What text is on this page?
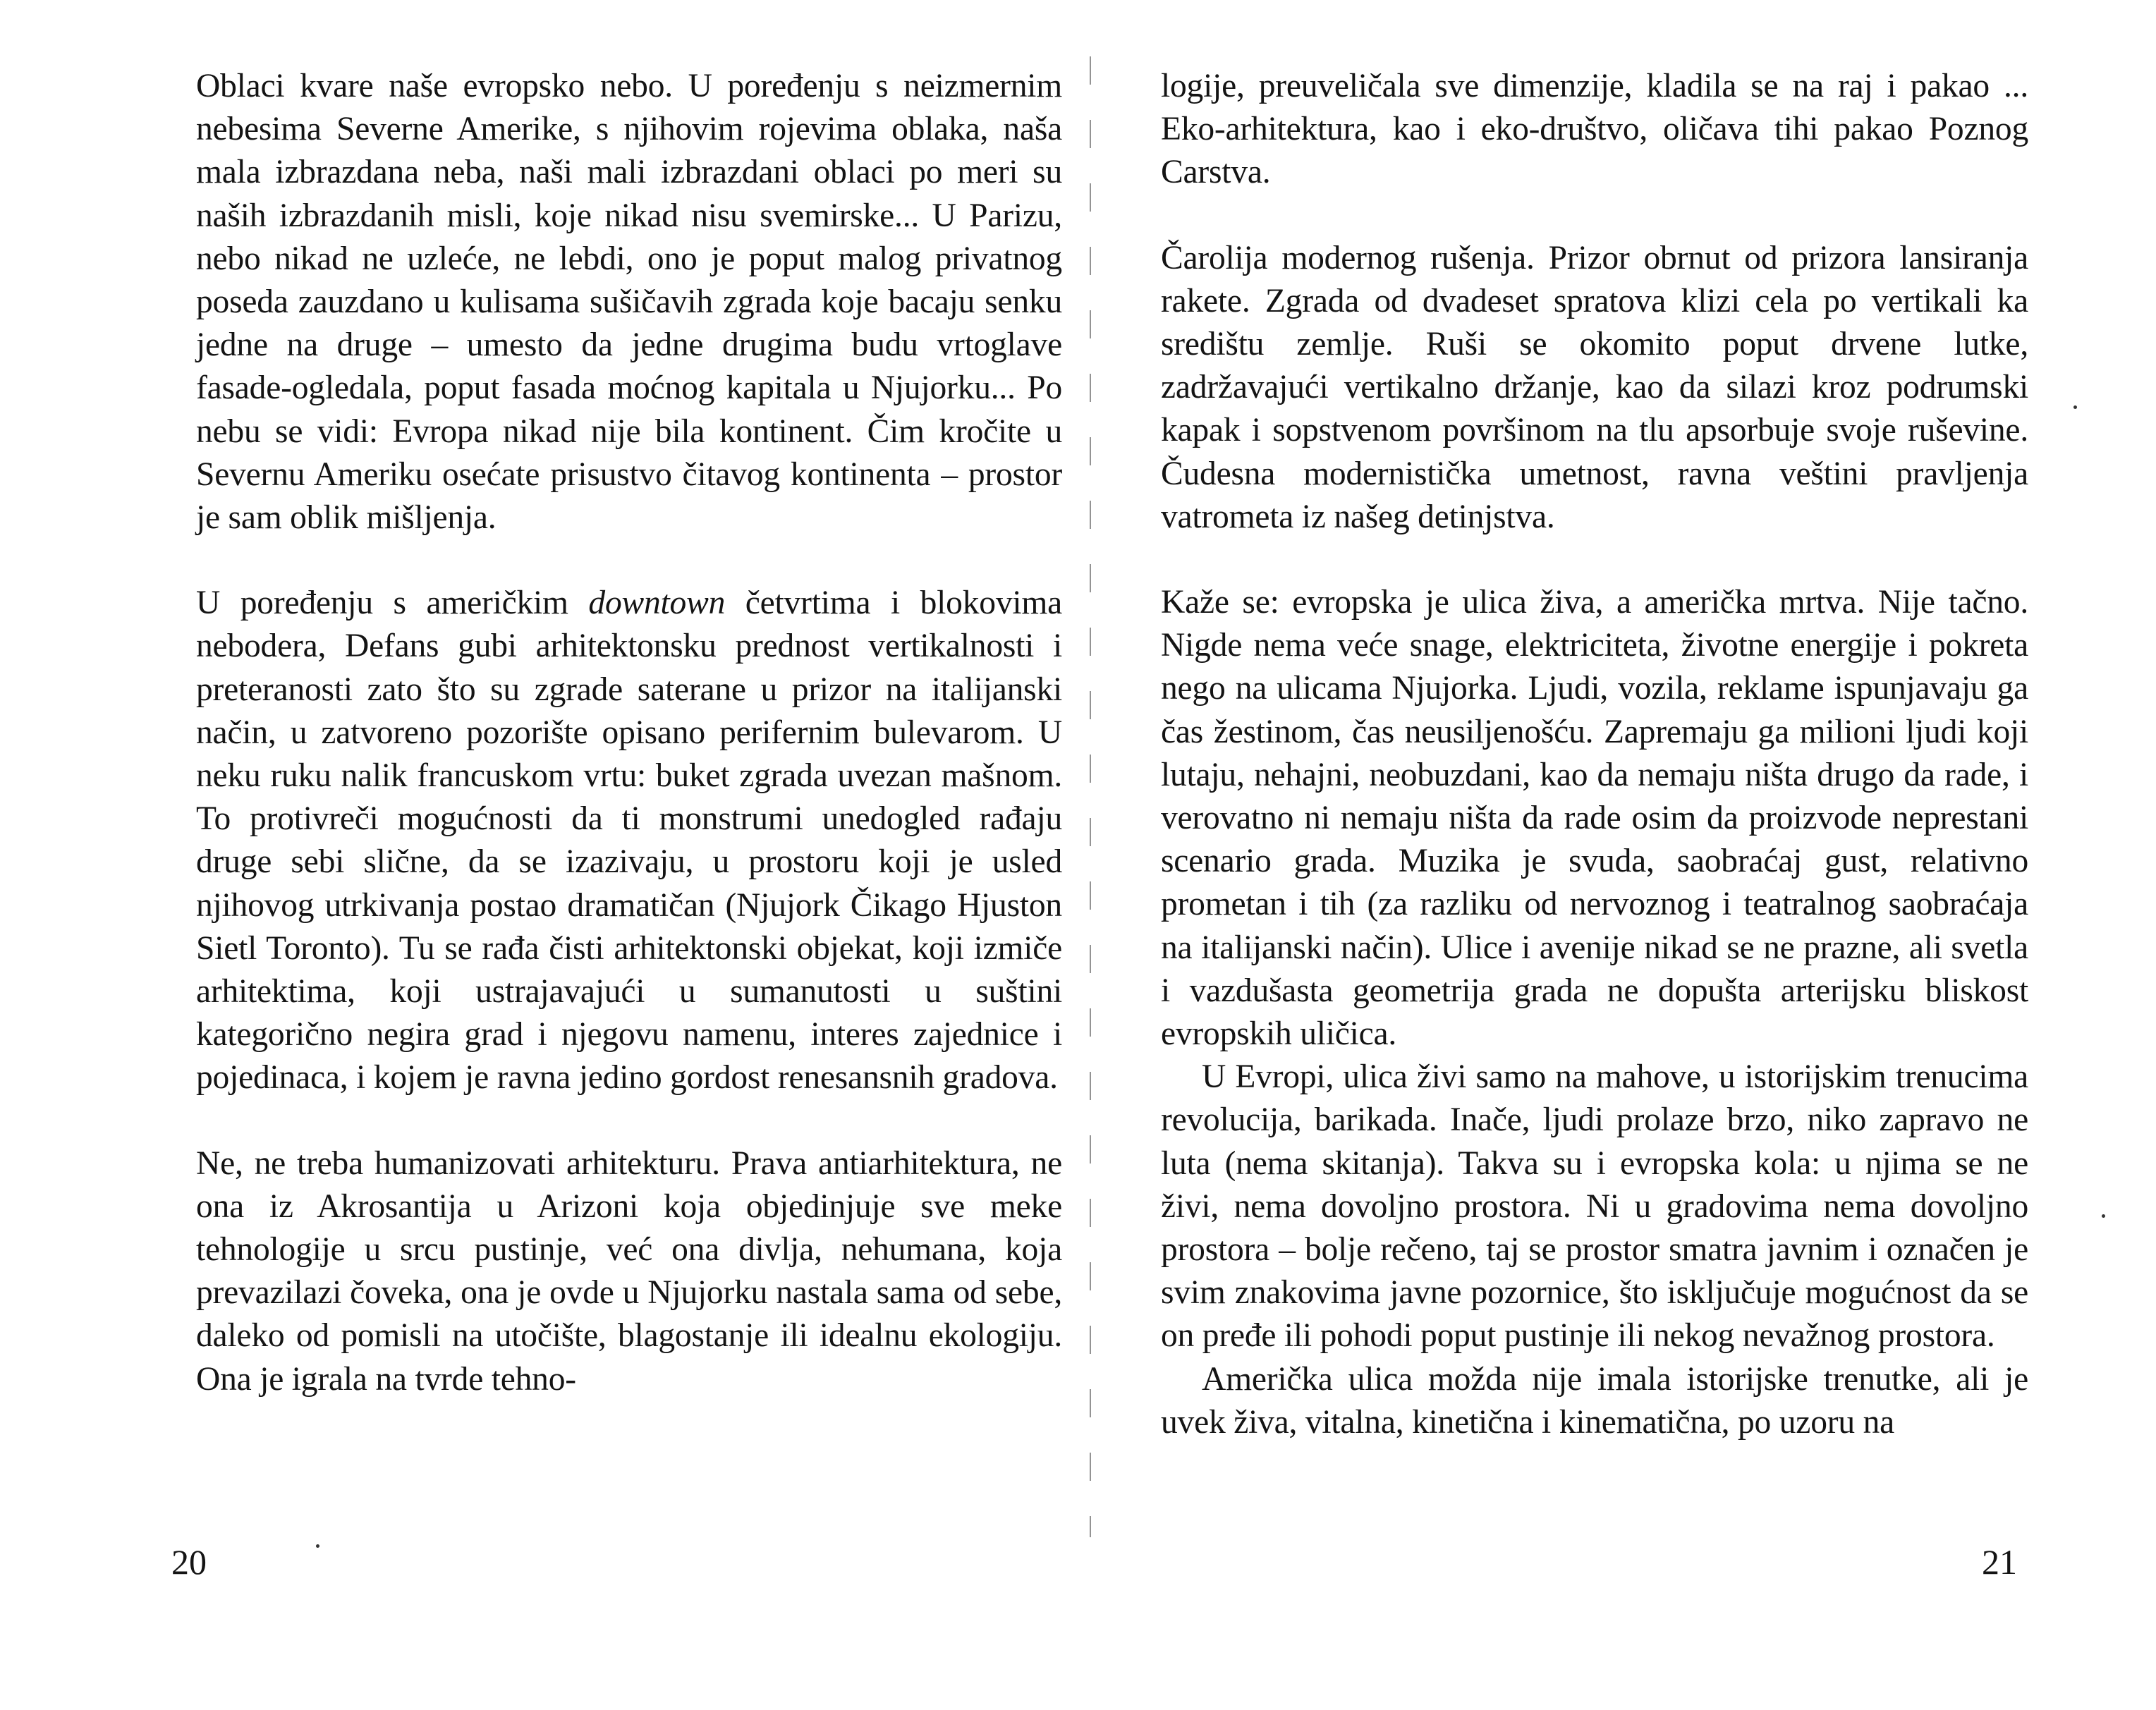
Oblaci kvare naše evropsko nebo. U poređenju s neizmernim nebesima Severne Amerike, s njihovim rojevima oblaka, naša mala izbrazdana neba, naši mali izbrazdani oblaci po meri su naših izbrazdanih misli, koje nikad nisu svemirske... U Parizu, nebo nikad ne uzleće, ne lebdi, ono je poput malog privatnog poseda zauzdano u kulisama sušičavih zgrada koje bacaju senku jedne na druge – umesto da jedne drugima budu vrtoglave fasade-ogledala, poput fasada moćnog kapitala u Njujorku... Po nebu se vidi: Evropa nikad nije bila kontinent. Čim kročite u Severnu Ameriku osećate prisustvo čitavog kontinenta – prostor je sam oblik mišljenja.

U poređenju s američkim downtown četvrtima i blokovima nebodera, Defans gubi arhitektonsku prednost vertikalnosti i preteranosti zato što su zgrade saterane u prizor na italijanski način, u zatvoreno pozorište opisano perifernim bulevarom. U neku ruku nalik francuskom vrtu: buket zgrada uvezan mašnom. To protivreči mogućnosti da ti monstrumi unedogled rađaju druge sebi slične, da se izazivaju, u prostoru koji je usled njihovog utrkivanja postao dramatičan (Njujork Čikago Hjuston Sietl Toronto). Tu se rađa čisti arhitektonski objekat, koji izmiče arhitektima, koji ustrajavajući u sumanutosti u suštini kategorično negira grad i njegovu namenu, interes zajednice i pojedinaca, i kojem je ravna jedino gordost renesansnih gradova.

Ne, ne treba humanizovati arhitekturu. Prava antiarhitektura, ne ona iz Akrosantija u Arizoni koja objedinjuje sve meke tehnologije u srcu pustinje, već ona divlja, nehumana, koja prevazilazi čoveka, ona je ovde u Njujorku nastala sama od sebe, daleko od pomisli na utočište, blagostanje ili idealnu ekologiju. Ona je igrala na tvrde tehno-

20

logije, preuveličala sve dimenzije, kladila se na raj i pakao ... Eko-arhitektura, kao i eko-društvo, oličava tihi pakao Poznog Carstva.

Čarolija modernog rušenja. Prizor obrnut od prizora lansiranja rakete. Zgrada od dvadeset spratova klizi cela po vertikali ka središtu zemlje. Ruši se okomito poput drvene lutke, zadržavajući vertikalno držanje, kao da silazi kroz podrumski kapak i sopstvenom površinom na tlu apsorbuje svoje ruševine. Čudesna modernistička umetnost, ravna veštini pravljenja vatrometa iz našeg detinjstva.

Kaže se: evropska je ulica živa, a američka mrtva. Nije tačno. Nigde nema veće snage, elektriciteta, životne energije i pokreta nego na ulicama Njujorka. Ljudi, vozila, reklame ispunjavaju ga čas žestinom, čas neusiljenošću. Zapremaju ga milioni ljudi koji lutaju, nehajni, neobuzdani, kao da nemaju ništa drugo da rade, i verovatno ni nemaju ništa da rade osim da proizvode neprestani scenario grada. Muzika je svuda, saobraćaj gust, relativno prometan i tih (za razliku od nervoznog i teatralnog saobraćaja na italijanski način). Ulice i avenije nikad se ne prazne, ali svetla i vazdušasta geometrija grada ne dopušta arterijsku bliskost evropskih uličica.

U Evropi, ulica živi samo na mahove, u istorijskim trenucima revolucija, barikada. Inače, ljudi prolaze brzo, niko zapravo ne luta (nema skitanja). Takva su i evropska kola: u njima se ne živi, nema dovoljno prostora. Ni u gradovima nema dovoljno prostora – bolje rečeno, taj se prostor smatra javnim i označen je svim znakovima javne pozornice, što isključuje mogućnost da se on pređe ili pohodi poput pustinje ili nekog nevažnog prostora.

Američka ulica možda nije imala istorijske trenutke, ali je uvek živa, vitalna, kinetična i kinematična, po uzoru na

21
